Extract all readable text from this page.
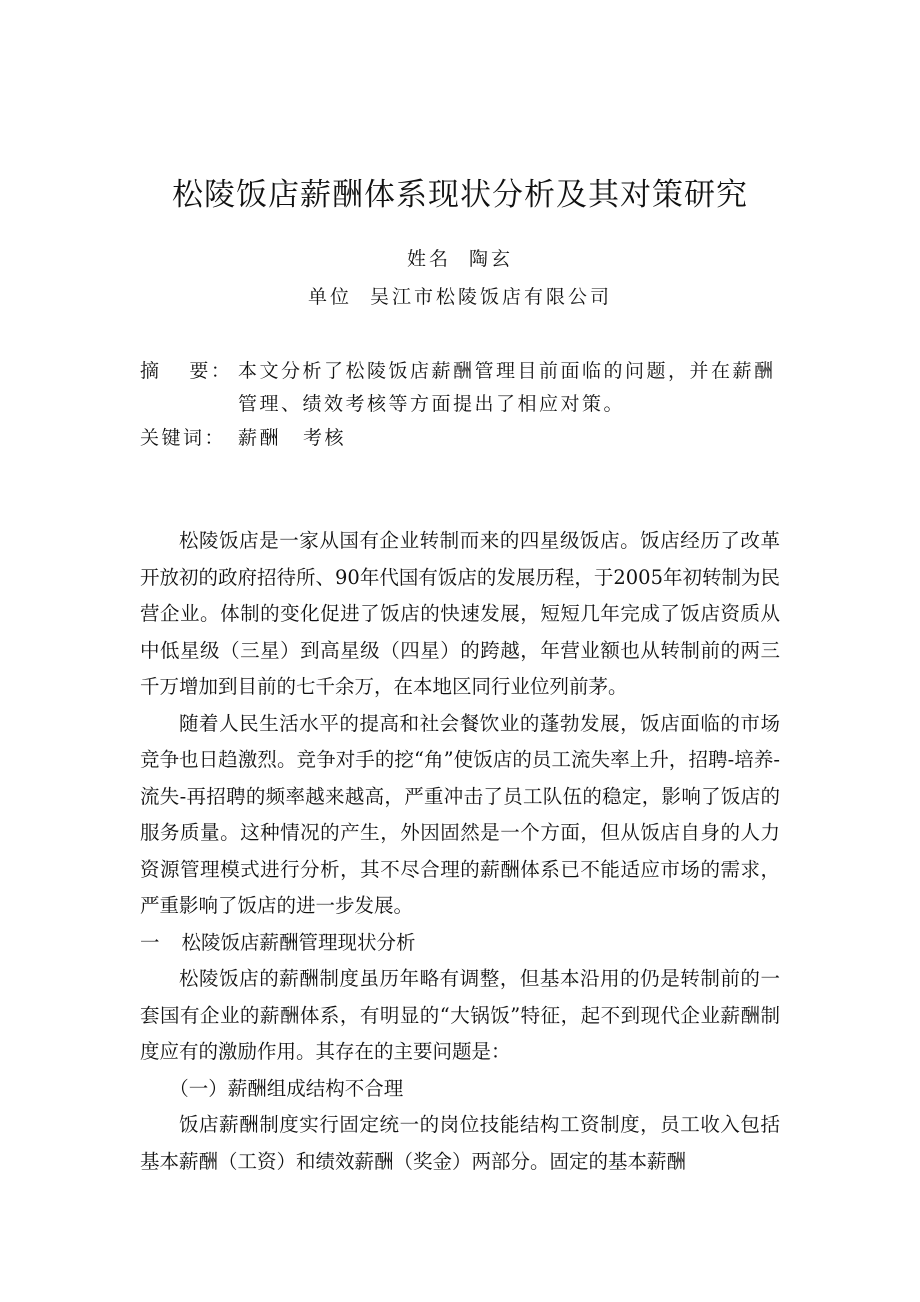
松陵饭店薪酬体系现状分析及其对策研究
姓名 陶玄
单位 吴江市松陵饭店有限公司
摘  要： 本文分析了松陵饭店薪酬管理目前面临的问题，并在薪酬管理、绩效考核等方面提出了相应对策。
关键词： 薪酬 考核

松陵饭店是一家从国有企业转制而来的四星级饭店。饭店经历了改革开放初的政府招待所、90年代国有饭店的发展历程，于2005年初转制为民营企业。体制的变化促进了饭店的快速发展，短短几年完成了饭店资质从中低星级（三星）到高星级（四星）的跨越，年营业额也从转制前的两三千万增加到目前的七千余万，在本地区同行业位列前茅。

随着人民生活水平的提高和社会餐饮业的蓬勃发展，饭店面临的市场竞争也日趋激烈。竞争对手的挖“角”使饭店的员工流失率上升，招聘-培养-流失-再招聘的频率越来越高，严重冲击了员工队伍的稳定，影响了饭店的服务质量。这种情况的产生，外因固然是一个方面，但从饭店自身的人力资源管理模式进行分析，其不尽合理的薪酬体系已不能适应市场的需求，严重影响了饭店的进一步发展。

一 松陵饭店薪酬管理现状分析

松陵饭店的薪酬制度虽历年略有调整，但基本沿用的仍是转制前的一套国有企业的薪酬体系，有明显的“大锅饭”特征，起不到现代企业薪酬制度应有的激励作用。其存在的主要问题是：

（一）薪酬组成结构不合理

饭店薪酬制度实行固定统一的岗位技能结构工资制度，员工收入包括基本薪酬（工资）和绩效薪酬（奖金）两部分。固定的基本薪酬
